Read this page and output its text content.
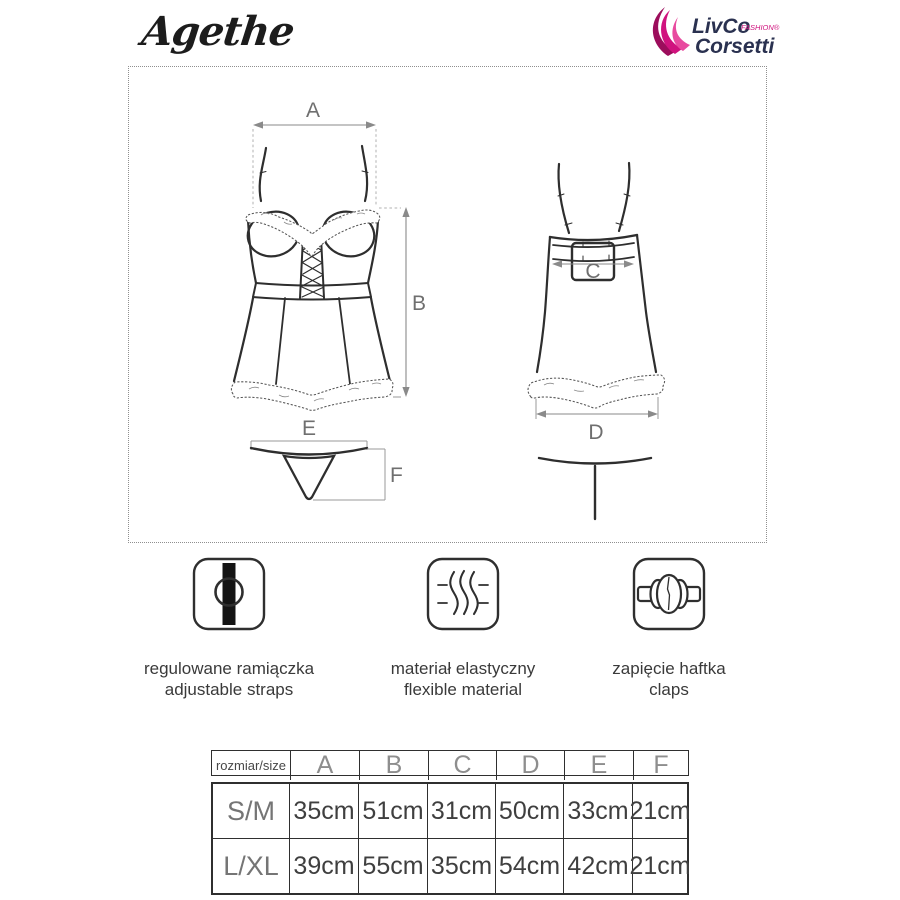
Agethe	LivCo
FASHION®
Corsetti
A
B
E
F
C
D
regulowane ramiączka
adjustable straps
materiał elastyczny
flexible material
zapięcie haftka
claps
rozmiar/size	A	B	C	D	E	F
S/M 35cm 51cm 31cm 50cm 33cm 21cm
L/XL 39cm 55cm 35cm 54cm 42cm 21cm
